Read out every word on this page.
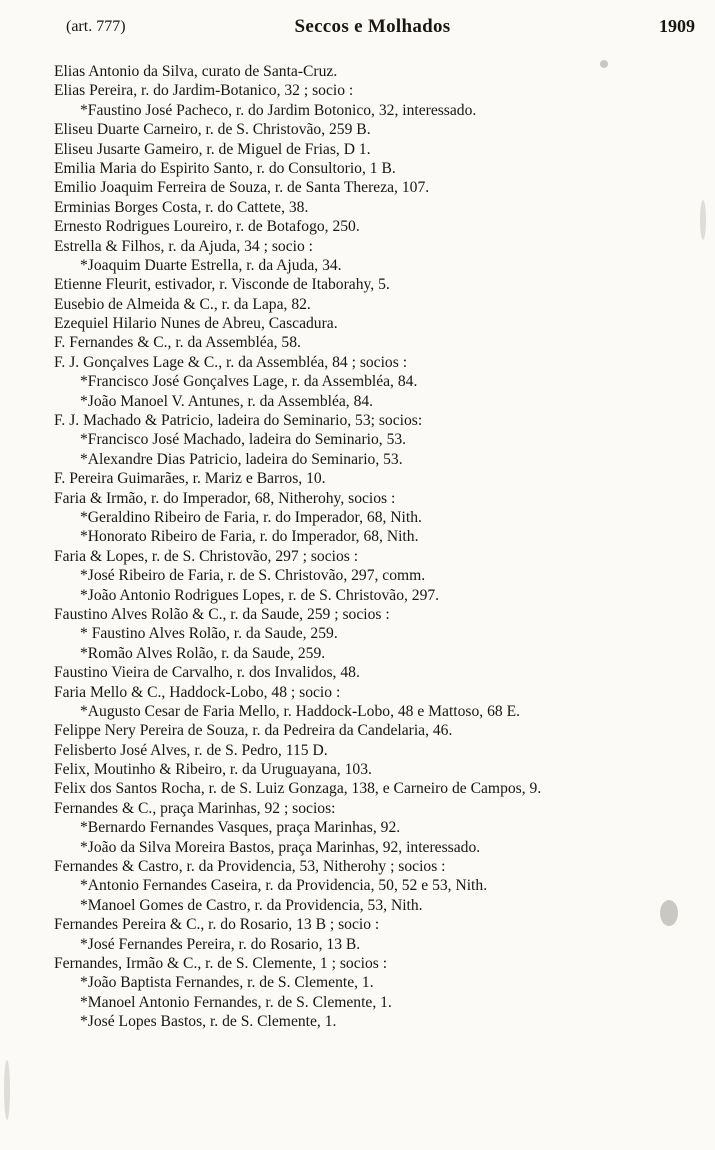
(art. 777)	Seccos e Molhados	1909
Elias Antonio da Silva, curato de Santa-Cruz.
Elias Pereira, r. do Jardim-Botanico, 32 ; socio :
*Faustino José Pacheco, r. do Jardim Botonico, 32, interessado.
Eliseu Duarte Carneiro, r. de S. Christovão, 259 B.
Eliseu Jusarte Gameiro, r. de Miguel de Frias, D 1.
Emilia Maria do Espirito Santo, r. do Consultorio, 1 B.
Emilio Joaquim Ferreira de Souza, r. de Santa Thereza, 107.
Erminias Borges Costa, r. do Cattete, 38.
Ernesto Rodrigues Loureiro, r. de Botafogo, 250.
Estrella & Filhos, r. da Ajuda, 34 ; socio :
*Joaquim Duarte Estrella, r. da Ajuda, 34.
Etienne Fleurit, estivador, r. Visconde de Itaborahy, 5.
Eusebio de Almeida & C., r. da Lapa, 82.
Ezequiel Hilario Nunes de Abreu, Cascadura.
F. Fernandes & C., r. da Assembléa, 58.
F. J. Gonçalves Lage & C., r. da Assembléa, 84 ; socios :
*Francisco José Gonçalves Lage, r. da Assembléa, 84.
*João Manoel V. Antunes, r. da Assembléa, 84.
F. J. Machado & Patricio, ladeira do Seminario, 53; socios:
*Francisco José Machado, ladeira do Seminario, 53.
*Alexandre Dias Patricio, ladeira do Seminario, 53.
F. Pereira Guimarães, r. Mariz e Barros, 10.
Faria & Irmão, r. do Imperador, 68, Nitherohy, socios :
*Geraldino Ribeiro de Faria, r. do Imperador, 68, Nith.
*Honorato Ribeiro de Faria, r. do Imperador, 68, Nith.
Faria & Lopes, r. de S. Christovão, 297 ; socios :
*José Ribeiro de Faria, r. de S. Christovão, 297, comm.
*João Antonio Rodrigues Lopes, r. de S. Christovão, 297.
Faustino Alves Rolão & C., r. da Saude, 259 ; socios :
* Faustino Alves Rolão, r. da Saude, 259.
*Romão Alves Rolão, r. da Saude, 259.
Faustino Vieira de Carvalho, r. dos Invalidos, 48.
Faria Mello & C., Haddock-Lobo, 48 ; socio :
*Augusto Cesar de Faria Mello, r. Haddock-Lobo, 48 e Mattoso, 68 E.
Felippe Nery Pereira de Souza, r. da Pedreira da Candelaria, 46.
Felisberto José Alves, r. de S. Pedro, 115 D.
Felix, Moutinho & Ribeiro, r. da Uruguayana, 103.
Felix dos Santos Rocha, r. de S. Luiz Gonzaga, 138, e Carneiro de Campos, 9.
Fernandes & C., praça Marinhas, 92 ; socios:
*Bernardo Fernandes Vasques, praça Marinhas, 92.
*João da Silva Moreira Bastos, praça Marinhas, 92, interessado.
Fernandes & Castro, r. da Providencia, 53, Nitherohy ; socios :
*Antonio Fernandes Caseira, r. da Providencia, 50, 52 e 53, Nith.
*Manoel Gomes de Castro, r. da Providencia, 53, Nith.
Fernandes Pereira & C., r. do Rosario, 13 B ; socio :
*José Fernandes Pereira, r. do Rosario, 13 B.
Fernandes, Irmão & C., r. de S. Clemente, 1 ; socios :
*João Baptista Fernandes, r. de S. Clemente, 1.
*Manoel Antonio Fernandes, r. de S. Clemente, 1.
*José Lopes Bastos, r. de S. Clemente, 1.
